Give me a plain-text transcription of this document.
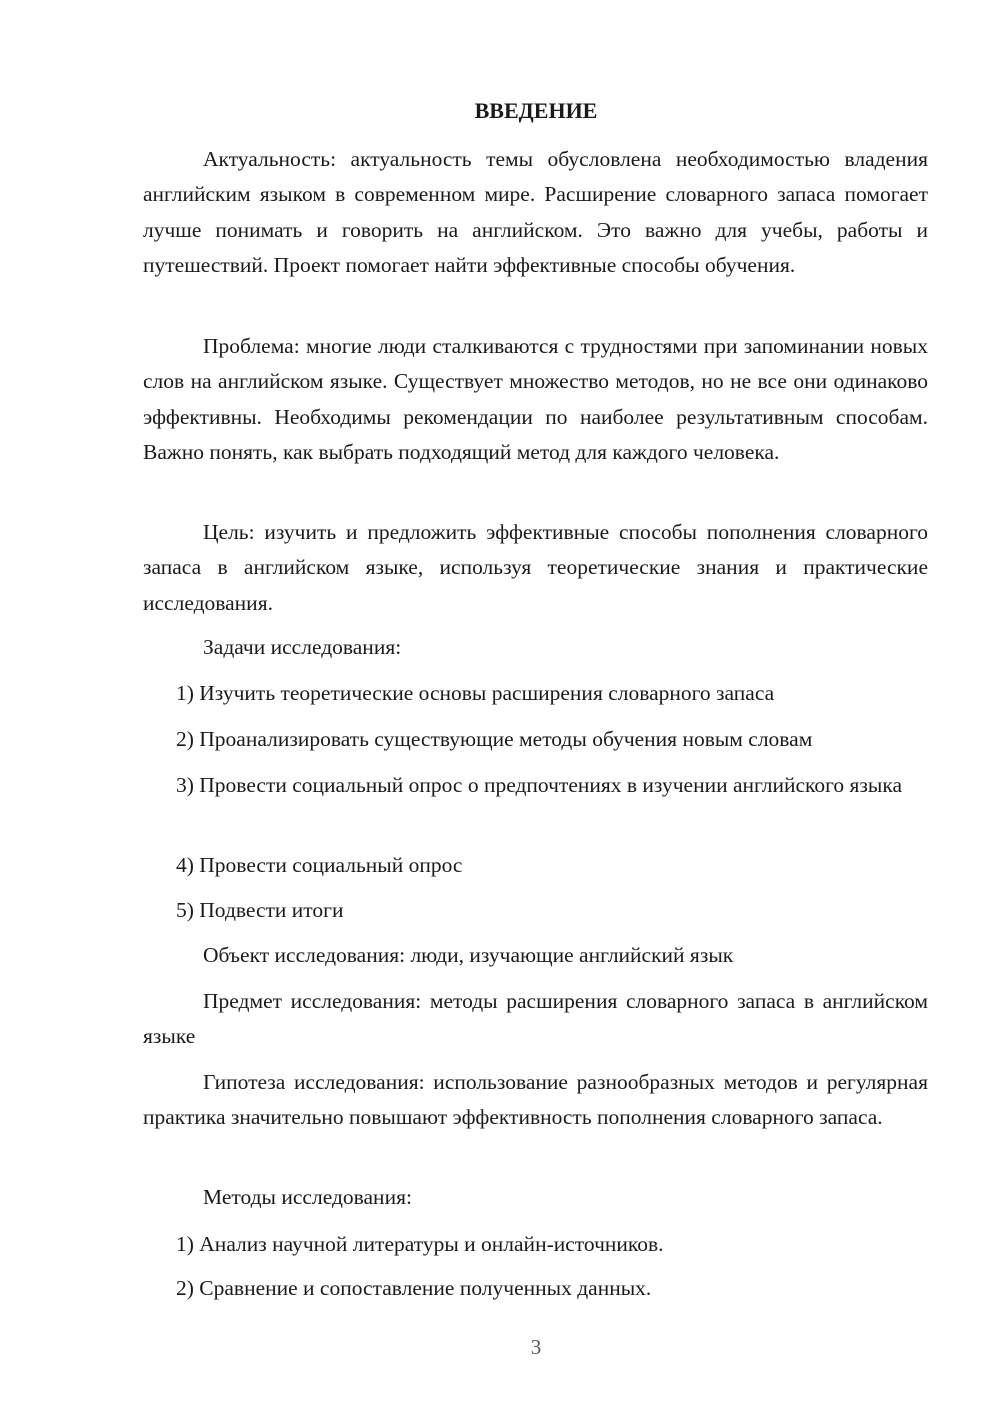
ВВЕДЕНИЕ
Актуальность: актуальность темы обусловлена необходимостью владения английским языком в современном мире. Расширение словарного запаса помогает лучше понимать и говорить на английском. Это важно для учебы, работы и путешествий. Проект помогает найти эффективные способы обучения.
Проблема: многие люди сталкиваются с трудностями при запоминании новых слов на английском языке. Существует множество методов, но не все они одинаково эффективны. Необходимы рекомендации по наиболее результативным способам. Важно понять, как выбрать подходящий метод для каждого человека.
Цель: изучить и предложить эффективные способы пополнения словарного запаса в английском языке, используя теоретические знания и практические исследования.
Задачи исследования:
1) Изучить теоретические основы расширения словарного запаса
2) Проанализировать существующие методы обучения новым словам
3) Провести социальный опрос о предпочтениях в изучении английского языка
4) Провести социальный опрос
5) Подвести итоги
Объект исследования: люди, изучающие английский язык
Предмет исследования: методы расширения словарного запаса в английском языке
Гипотеза исследования: использование разнообразных методов и регулярная практика значительно повышают эффективность пополнения словарного запаса.
Методы исследования:
1) Анализ научной литературы и онлайн-источников.
2) Сравнение и сопоставление полученных данных.
3
